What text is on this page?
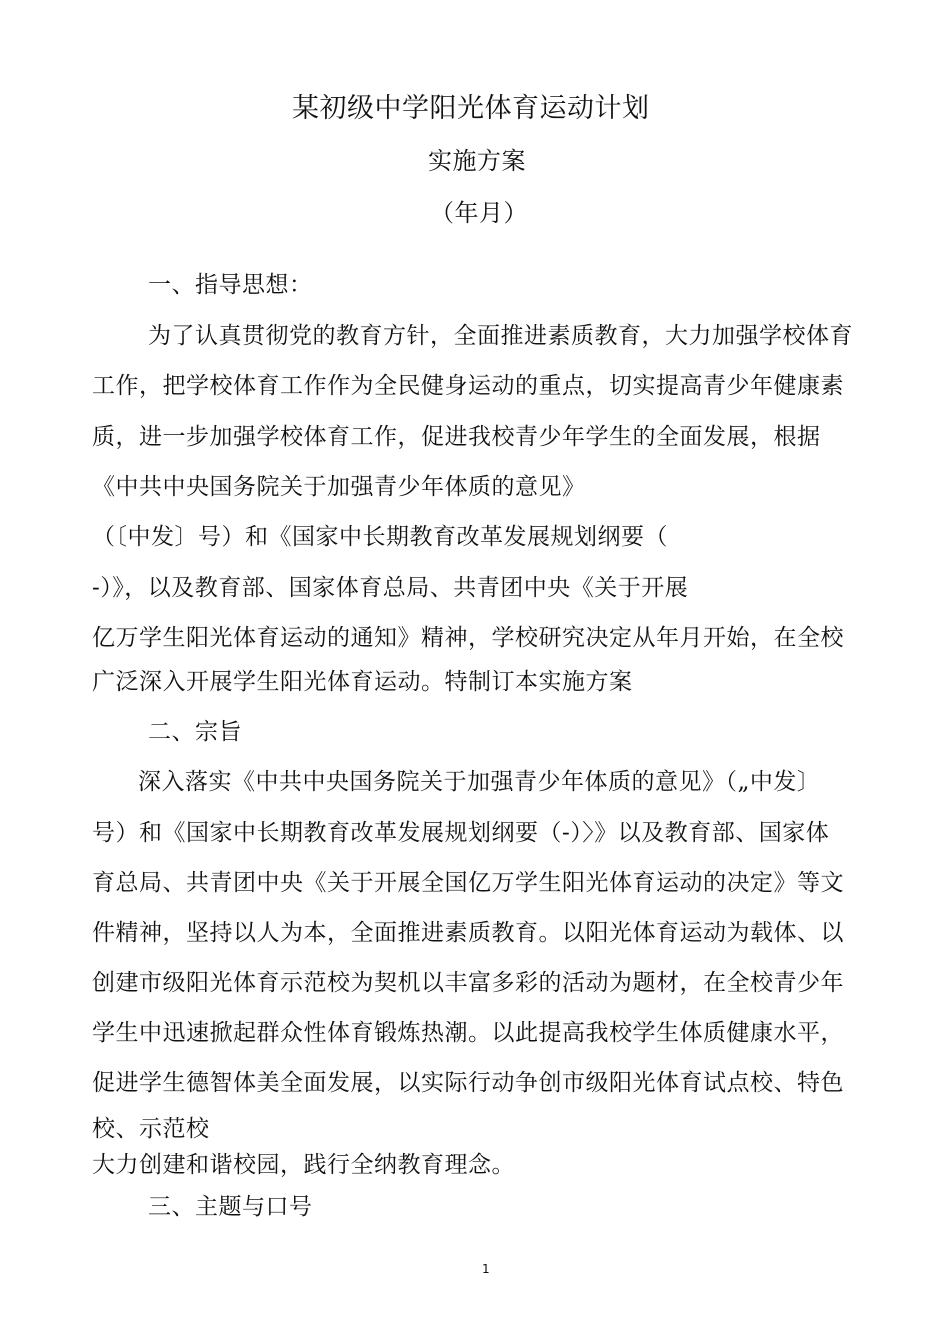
某初级中学阳光体育运动计划
实施方案
（年月）
一、指导思想：
为了认真贯彻党的教育方针，全面推进素质教育，大力加强学校体育
工作，把学校体育工作作为全民健身运动的重点，切实提高青少年健康素
质，进一步加强学校体育工作，促进我校青少年学生的全面发展，根据
《中共中央国务院关于加强青少年体质的意见》
（〔中发〕号）和《国家中长期教育改革发展规划纲要（
-）》，以及教育部、国家体育总局、共青团中央《关于开展
亿万学生阳光体育运动的通知》精神，学校研究决定从年月开始，在全校
广泛深入开展学生阳光体育运动。特制订本实施方案
二、宗旨
深入落实《中共中央国务院关于加强青少年体质的意见》（„中发〕
号）和《国家中长期教育改革发展规划纲要（-）〉》以及教育部、国家体
育总局、共青团中央《关于开展全国亿万学生阳光体育运动的决定》等文
件精神，坚持以人为本，全面推进素质教育。以阳光体育运动为载体、以
创建市级阳光体育示范校为契机以丰富多彩的活动为题材，在全校青少年
学生中迅速掀起群众性体育锻炼热潮。以此提高我校学生体质健康水平，
促进学生德智体美全面发展，以实际行动争创市级阳光体育试点校、特色
校、示范校
大力创建和谐校园，践行全纳教育理念。
三、主题与口号
1
